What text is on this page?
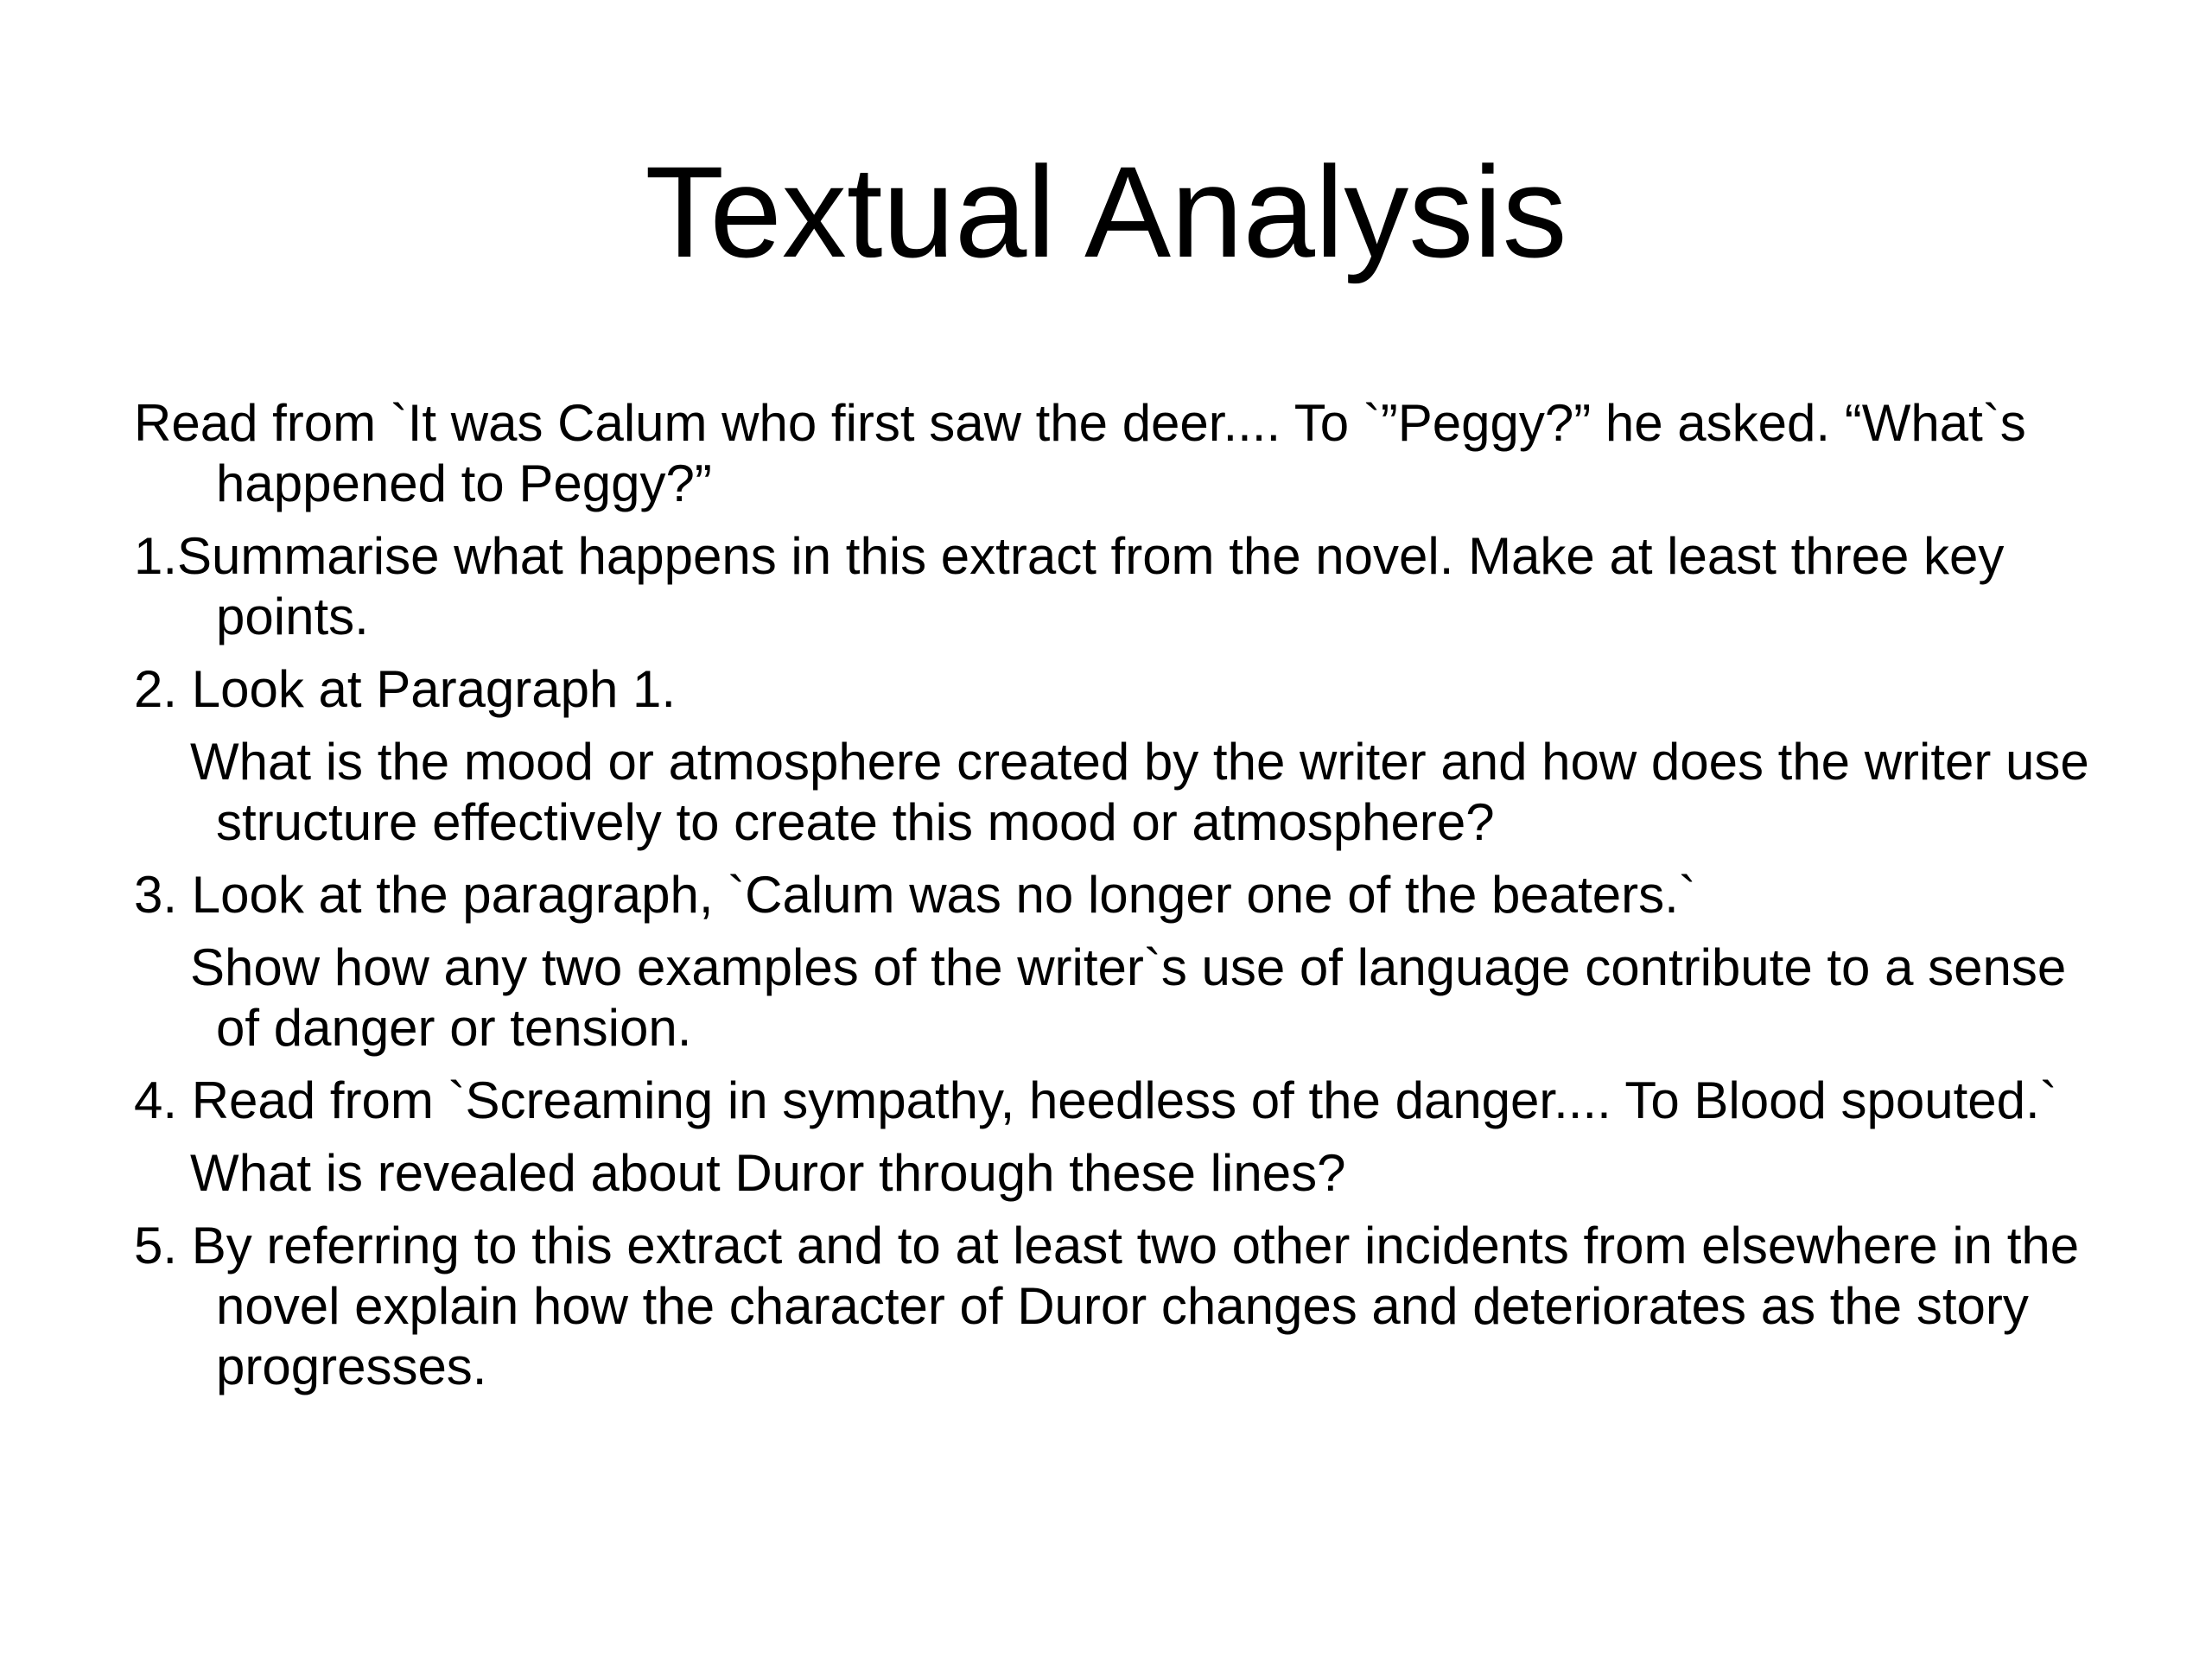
Textual Analysis

Read from `It was Calum who first saw the deer.... To `”Peggy?” he asked. “What`s happened to Peggy?”

1.Summarise what happens in this extract from the novel. Make at least three key points.

2. Look at Paragraph 1.

What is the mood or atmosphere created by the writer and how does the writer use structure effectively to create this mood or atmosphere?

3. Look at the paragraph, `Calum was no longer one of the beaters.`

Show how any two examples of the writer`s use of language contribute to a sense of danger or tension.

4. Read from `Screaming in sympathy, heedless of the danger.... To Blood spouted.`

What is revealed about Duror through these lines?

5. By referring to this extract and to at least two other incidents from elsewhere in the novel explain how the character of Duror changes and deteriorates as the story progresses.
